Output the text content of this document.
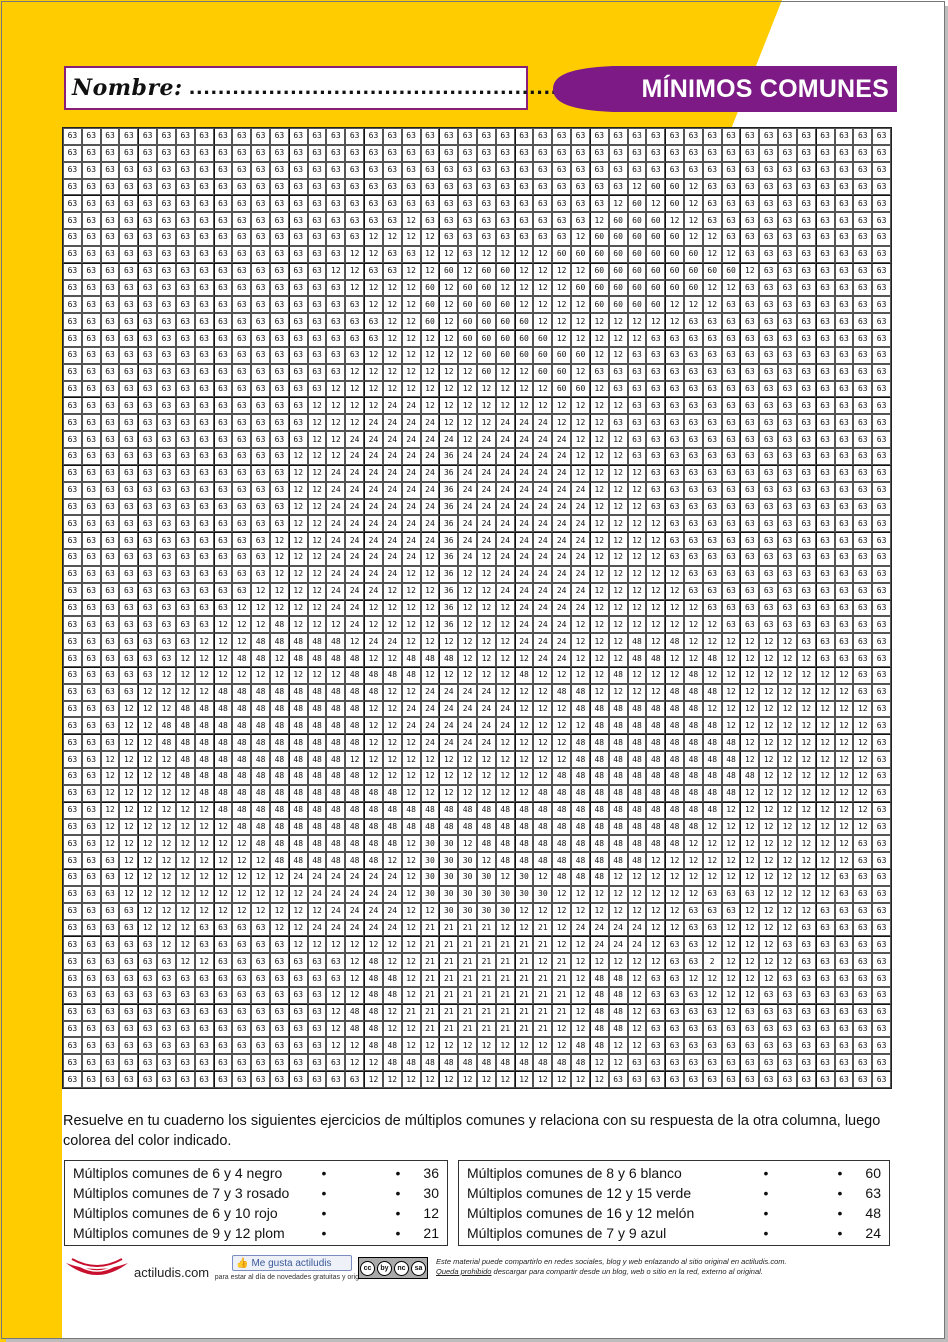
Nombre: ......................................................	MÍNIMOS COMUNES
63	63	63	63	63	63	63	63	63	63	63	63	63	63	63	63	63	63	63	63	63	63	63	63	63	63	63	63	63	63	63	63	63	63	63	63	63	63	63	63	63	63	63	63
63	63	63	63	63	63	63	63	63	63	63	63	63	63	63	63	63	63	63	63	63	63	63	63	63	63	63	63	63	63	63	63	63	63	63	63	63	63	63	63	63	63	63	63
63	63	63	63	63	63	63	63	63	63	63	63	63	63	63	63	63	63	63	63	63	63	63	63	63	63	63	63	63	63	63	63	63	63	63	63	63	63	63	63	63	63	63	63
63	63	63	63	63	63	63	63	63	63	63	63	63	63	63	63	63	63	63	63	63	63	63	63	63	63	63	63	63	63	12	60	60	12	63	63	63	63	63	63	63	63	63	63
63	63	63	63	63	63	63	63	63	63	63	63	63	63	63	63	63	63	63	63	63	63	63	63	63	63	63	63	63	12	60	12	60	12	63	63	63	63	63	63	63	63	63	63
63	63	63	63	63	63	63	63	63	63	63	63	63	63	63	63	63	63	12	63	63	63	63	63	63	63	63	63	12	60	60	60	12	12	63	63	63	63	63	63	63	63	63	63
63	63	63	63	63	63	63	63	63	63	63	63	63	63	63	63	12	12	12	12	63	63	63	63	63	63	63	12	60	60	60	60	60	12	12	63	63	63	63	63	63	63	63	63
63	63	63	63	63	63	63	63	63	63	63	63	63	63	63	12	12	63	63	12	12	63	12	12	12	12	60	60	60	60	60	60	60	60	12	12	63	63	63	63	63	63	63	63
63	63	63	63	63	63	63	63	63	63	63	63	63	63	12	12	63	63	12	12	60	12	60	60	12	12	12	12	60	60	60	60	60	60	60	60	12	63	63	63	63	63	63	63
63	63	63	63	63	63	63	63	63	63	63	63	63	63	63	12	12	12	12	60	12	60	60	12	12	12	12	60	60	60	60	60	60	60	12	12	63	63	63	63	63	63	63	63
63	63	63	63	63	63	63	63	63	63	63	63	63	63	63	63	12	12	12	60	12	60	60	60	12	12	12	12	60	60	60	60	12	12	12	63	63	63	63	63	63	63	63	63
63	63	63	63	63	63	63	63	63	63	63	63	63	63	63	63	63	12	12	60	12	60	60	60	60	12	12	12	12	12	12	12	12	63	63	63	63	63	63	63	63	63	63	63
63	63	63	63	63	63	63	63	63	63	63	63	63	63	63	63	63	12	12	12	12	60	60	60	60	60	12	12	12	12	12	63	63	63	63	63	63	63	63	63	63	63	63	63
63	63	63	63	63	63	63	63	63	63	63	63	63	63	63	63	12	12	12	12	12	12	60	60	60	60	60	60	12	12	63	63	63	63	63	63	63	63	63	63	63	63	63	63
63	63	63	63	63	63	63	63	63	63	63	63	63	63	63	12	12	12	12	12	12	12	60	12	12	60	60	12	63	63	63	63	63	63	63	63	63	63	63	63	63	63	63	63
63	63	63	63	63	63	63	63	63	63	63	63	63	63	12	12	12	12	12	12	12	12	12	12	12	12	60	60	12	63	63	63	63	63	63	63	63	63	63	63	63	63	63	63
63	63	63	63	63	63	63	63	63	63	63	63	63	12	12	12	12	24	24	12	12	12	12	12	12	12	12	12	12	12	63	63	63	63	63	63	63	63	63	63	63	63	63	63
63	63	63	63	63	63	63	63	63	63	63	63	63	12	12	12	24	24	24	24	12	12	12	24	24	24	12	12	12	63	63	63	63	63	63	63	63	63	63	63	63	63	63	63
63	63	63	63	63	63	63	63	63	63	63	63	63	12	12	24	24	24	24	24	24	12	24	24	24	24	24	12	12	12	63	63	63	63	63	63	63	63	63	63	63	63	63	63
63	63	63	63	63	63	63	63	63	63	63	63	12	12	12	24	24	24	24	24	36	24	24	24	24	24	24	12	12	12	63	63	63	63	63	63	63	63	63	63	63	63	63	63
63	63	63	63	63	63	63	63	63	63	63	63	12	12	24	24	24	24	24	24	36	24	24	24	24	24	24	12	12	12	12	63	63	63	63	63	63	63	63	63	63	63	63	63
63	63	63	63	63	63	63	63	63	63	63	63	12	12	24	24	24	24	24	24	36	24	24	24	24	24	24	24	12	12	12	63	63	63	63	63	63	63	63	63	63	63	63	63
63	63	63	63	63	63	63	63	63	63	63	63	12	12	24	24	24	24	24	24	36	24	24	24	24	24	24	24	12	12	12	63	63	63	63	63	63	63	63	63	63	63	63	63
63	63	63	63	63	63	63	63	63	63	63	63	12	12	24	24	24	24	24	24	36	24	24	24	24	24	24	24	12	12	12	12	63	63	63	63	63	63	63	63	63	63	63	63
63	63	63	63	63	63	63	63	63	63	63	12	12	12	24	24	24	24	24	24	36	24	24	24	24	24	24	24	12	12	12	12	63	63	63	63	63	63	63	63	63	63	63	63
63	63	63	63	63	63	63	63	63	63	63	12	12	12	24	24	24	24	24	12	36	24	12	24	24	24	24	24	12	12	12	12	63	63	63	63	63	63	63	63	63	63	63	63
63	63	63	63	63	63	63	63	63	63	63	12	12	12	24	24	24	24	12	12	36	12	12	24	24	24	24	24	12	12	12	12	12	63	63	63	63	63	63	63	63	63	63	63
63	63	63	63	63	63	63	63	63	63	12	12	12	12	24	24	24	12	12	12	36	12	12	24	24	24	24	24	12	12	12	12	12	63	63	63	63	63	63	63	63	63	63	63
63	63	63	63	63	63	63	63	63	12	12	12	12	12	24	24	12	12	12	12	36	12	12	12	24	24	24	24	12	12	12	12	12	12	63	63	63	63	63	63	63	63	63	63
63	63	63	63	63	63	63	63	12	12	12	48	12	12	12	24	12	12	12	12	36	12	12	12	24	24	24	12	12	12	12	12	12	12	12	63	63	63	63	63	63	63	63	63
63	63	63	63	63	63	63	12	12	12	48	48	48	48	48	12	24	24	12	12	12	12	12	12	24	24	24	12	12	12	48	12	48	12	12	12	12	12	12	63	63	63	63	63
63	63	63	63	63	63	12	12	12	48	48	12	48	48	48	48	12	12	48	48	48	12	12	12	12	24	24	12	12	12	48	48	12	12	48	12	12	12	12	12	63	63	63	63
63	63	63	63	63	12	12	12	12	12	12	12	12	12	12	48	48	48	48	12	12	12	12	12	48	12	12	12	12	48	12	12	12	48	12	12	12	12	12	12	12	12	63	63
63	63	63	63	12	12	12	12	48	48	48	48	48	48	48	48	48	12	12	24	24	24	24	12	12	12	48	48	12	12	12	12	48	48	48	12	12	12	12	12	12	12	63	63
63	63	63	12	12	12	48	48	48	48	48	48	48	48	48	48	12	12	24	24	24	24	24	24	12	12	12	48	48	48	48	48	48	48	12	12	12	12	12	12	12	12	12	63
63	63	63	12	12	48	48	48	48	48	48	48	48	48	48	48	12	12	24	24	24	24	24	24	12	12	12	12	48	48	48	48	48	48	48	12	12	12	12	12	12	12	12	63
63	63	63	12	12	48	48	48	48	48	48	48	48	48	48	48	12	12	12	24	24	24	24	12	12	12	12	48	48	48	48	48	48	48	48	48	12	12	12	12	12	12	12	63
63	63	12	12	12	12	48	48	48	48	48	48	48	48	48	12	12	12	12	12	12	12	12	12	12	12	12	48	48	48	48	48	48	48	48	48	12	12	12	12	12	12	12	63
63	63	12	12	12	12	48	48	48	48	48	48	48	48	48	48	12	12	12	12	12	12	12	12	12	12	48	48	48	48	48	48	48	48	48	48	48	12	12	12	12	12	12	63
63	63	12	12	12	12	12	48	48	48	48	48	48	48	48	48	48	48	12	12	12	12	12	12	12	48	48	48	48	48	48	48	48	48	48	48	12	12	12	12	12	12	12	63
63	63	12	12	12	12	12	12	48	48	48	48	48	48	48	48	48	48	48	48	48	48	48	48	48	48	48	48	48	48	48	48	48	48	48	12	12	12	12	12	12	12	12	63
63	63	12	12	12	12	12	12	12	48	48	48	48	48	48	48	48	48	48	48	48	48	48	48	48	48	48	48	48	48	48	48	48	48	12	12	12	12	12	12	12	12	12	63
63	63	12	12	12	12	12	12	12	12	48	48	48	48	48	48	48	48	12	30	30	12	48	48	48	48	48	48	48	48	48	48	48	12	12	12	12	12	12	12	12	12	63	63
63	63	63	12	12	12	12	12	12	12	12	48	48	48	48	48	48	12	12	30	30	30	12	48	48	48	48	48	48	48	48	12	12	12	12	12	12	12	12	12	12	12	63	63
63	63	63	12	12	12	12	12	12	12	12	12	24	24	24	24	24	24	12	30	30	30	30	12	30	12	48	48	48	12	12	12	12	12	12	12	12	12	12	12	12	63	63	63
63	63	63	12	12	12	12	12	12	12	12	12	12	24	24	24	24	24	12	30	30	30	30	30	30	30	12	12	12	12	12	12	12	12	63	63	63	12	12	12	12	63	63	63
63	63	63	63	12	12	12	12	12	12	12	12	12	12	24	24	24	24	12	12	30	30	30	30	12	12	12	12	12	12	12	12	12	63	63	63	12	12	12	12	63	63	63	63
63	63	63	63	12	12	12	63	63	63	63	12	12	24	24	24	24	24	12	21	21	21	21	12	12	21	12	24	24	24	24	12	12	63	63	12	12	12	12	63	63	63	63	63
63	63	63	63	63	12	12	63	63	63	63	63	12	12	12	12	12	12	12	21	21	21	21	21	21	21	12	12	24	24	24	12	63	63	12	12	12	12	63	63	63	63	63	63
63	63	63	63	63	63	12	12	63	63	63	63	63	63	63	12	48	12	12	21	21	21	21	21	21	12	21	12	12	12	12	12	63	63	2	12	12	12	12	63	63	63	63	63
63	63	63	63	63	63	63	63	63	63	63	63	63	63	63	12	48	48	12	21	21	21	21	21	21	21	21	12	48	48	12	63	63	12	12	12	12	12	63	63	63	63	63	63
63	63	63	63	63	63	63	63	63	63	63	63	63	63	12	12	48	48	12	21	21	21	21	21	21	21	21	12	48	48	12	63	63	63	12	12	12	63	63	63	63	63	63	63
63	63	63	63	63	63	63	63	63	63	63	63	63	63	12	48	48	12	21	21	21	21	21	21	21	21	21	12	48	48	12	63	63	63	63	12	63	63	63	63	63	63	63	63
63	63	63	63	63	63	63	63	63	63	63	63	63	63	12	48	48	12	12	21	21	21	21	21	21	21	12	12	48	48	12	63	63	63	63	63	63	63	63	63	63	63	63	63
63	63	63	63	63	63	63	63	63	63	63	63	63	63	12	12	48	48	12	12	12	12	12	12	12	12	12	48	48	12	12	63	63	63	63	63	63	63	63	63	63	63	63	63
63	63	63	63	63	63	63	63	63	63	63	63	63	63	63	12	12	48	48	48	48	48	48	48	48	48	48	48	12	12	63	63	63	63	63	63	63	63	63	63	63	63	63	63
63	63	63	63	63	63	63	63	63	63	63	63	63	63	63	63	12	12	12	12	12	12	12	12	12	12	12	12	12	63	63	63	63	63	63	63	63	63	63	63	63	63	63	63
Resuelve en tu cuaderno los siguientes ejercicios de múltiplos comunes y relaciona con su respuesta de la otra columna, luego colorea del color indicado.
Múltiplos comunes de 6 y 4 negro	•	•	36
Múltiplos comunes de 7 y 3 rosado	•	•	30
Múltiplos comunes de 6 y 10 rojo	•	•	12
Múltiplos comunes de 9 y 12 plom	•	•	21
Múltiplos comunes de 8 y 6 blanco	•	•	60
Múltiplos comunes de 12 y 15 verde	•	•	63
Múltiplos comunes de 16 y 12 melón	•	•	48
Múltiplos comunes de 7 y 9 azul	•	•	24
actiludis.com
👍 Me gusta actiludis
para estar al día de novedades gratuitas y originales.
cc	by	nc	sa
Este material puede compartirlo en redes sociales, blog y web enlazando al sitio original en actiludis.com.
Queda prohibido descargar para compartir desde un blog, web o sitio en la red, externo al original.
